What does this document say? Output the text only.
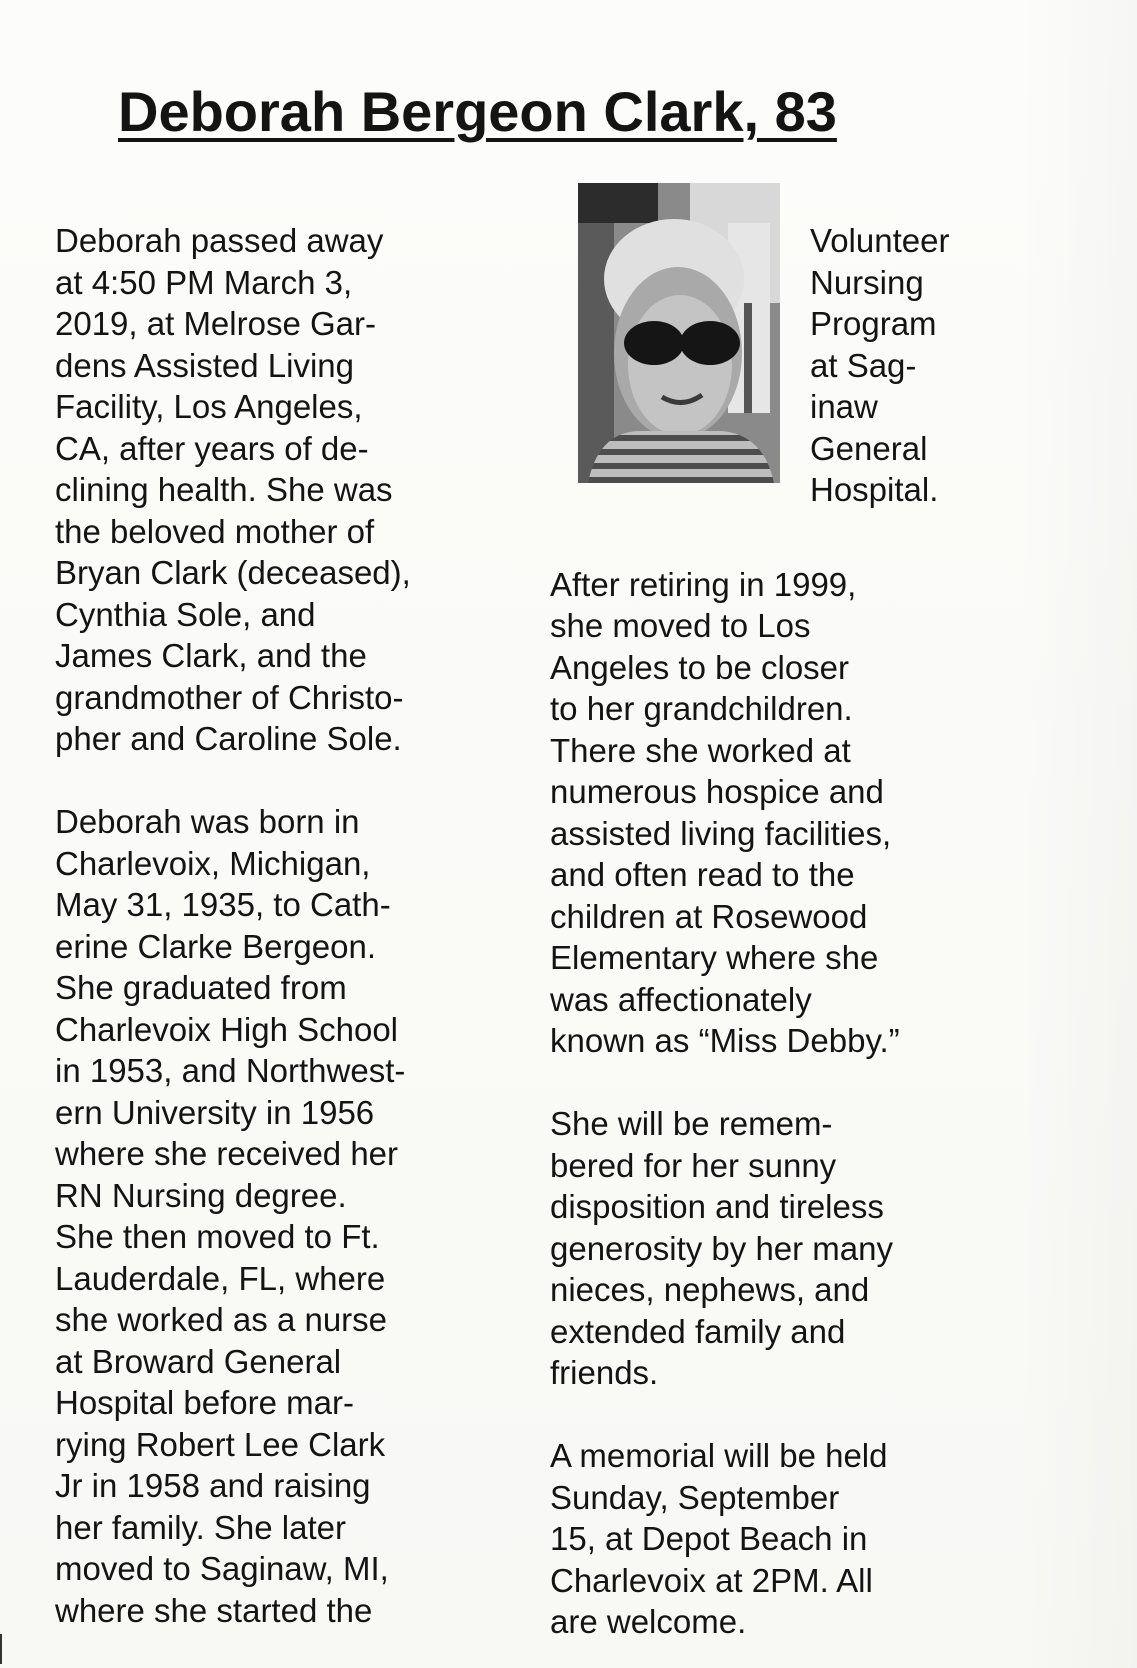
Deborah Bergeon Clark, 83

Deborah passed away
at 4:50 PM March 3,
2019, at Melrose Gar-
dens Assisted Living
Facility, Los Angeles,
CA, after years of de-
clining health. She was
the beloved mother of
Bryan Clark (deceased),
Cynthia Sole, and
James Clark, and the
grandmother of Christo-
pher and Caroline Sole.

Deborah was born in
Charlevoix, Michigan,
May 31, 1935, to Cath-
erine Clarke Bergeon.
She graduated from
Charlevoix High School
in 1953, and Northwest-
ern University in 1956
where she received her
RN Nursing degree.
She then moved to Ft.
Lauderdale, FL, where
she worked as a nurse
at Broward General
Hospital before mar-
rying Robert Lee Clark
Jr in 1958 and raising
her family. She later
moved to Saginaw, MI,
where she started the

Volunteer
Nursing
Program
at Sag-
inaw
General
Hospital.

After retiring in 1999,
she moved to Los
Angeles to be closer
to her grandchildren.
There she worked at
numerous hospice and
assisted living facilities,
and often read to the
children at Rosewood
Elementary where she
was affectionately
known as “Miss Debby.”

She will be remem-
bered for her sunny
disposition and tireless
generosity by her many
nieces, nephews, and
extended family and
friends.

A memorial will be held
Sunday, September
15, at Depot Beach in
Charlevoix at 2PM. All
are welcome.
